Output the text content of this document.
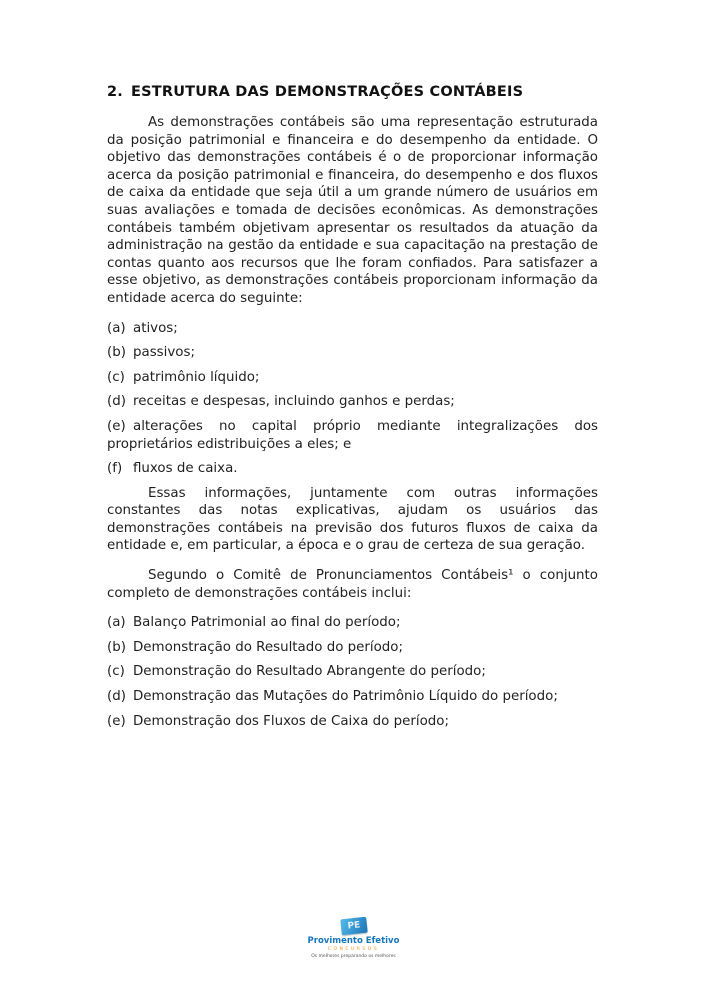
2. ESTRUTURA DAS DEMONSTRAÇÕES CONTÁBEIS

As demonstrações contábeis são uma representação estruturada da posição patrimonial e financeira e do desempenho da entidade. O objetivo das demonstrações contábeis é o de proporcionar informação acerca da posição patrimonial e financeira, do desempenho e dos fluxos de caixa da entidade que seja útil a um grande número de usuários em suas avaliações e tomada de decisões econômicas. As demonstrações contábeis também objetivam apresentar os resultados da atuação da administração na gestão da entidade e sua capacitação na prestação de contas quanto aos recursos que lhe foram confiados. Para satisfazer a esse objetivo, as demonstrações contábeis proporcionam informação da entidade acerca do seguinte:

(a) ativos;

(b) passivos;

(c) patrimônio líquido;

(d) receitas e despesas, incluindo ganhos e perdas;

(e) alterações no capital próprio mediante integralizações dos proprietários edistribuições a eles; e

(f) fluxos de caixa.

Essas informações, juntamente com outras informações constantes das notas explicativas, ajudam os usuários das demonstrações contábeis na previsão dos futuros fluxos de caixa da entidade e, em particular, a época e o grau de certeza de sua geração.

Segundo o Comitê de Pronunciamentos Contábeis¹ o conjunto completo de demonstrações contábeis inclui:

(a) Balanço Patrimonial ao final do período;

(b) Demonstração do Resultado do período;

(c) Demonstração do Resultado Abrangente do período;

(d) Demonstração das Mutações do Patrimônio Líquido do período;

(e) Demonstração dos Fluxos de Caixa do período;

PE
Provimento Efetivo
CONCURSOS
Os melhores preparando os melhores
